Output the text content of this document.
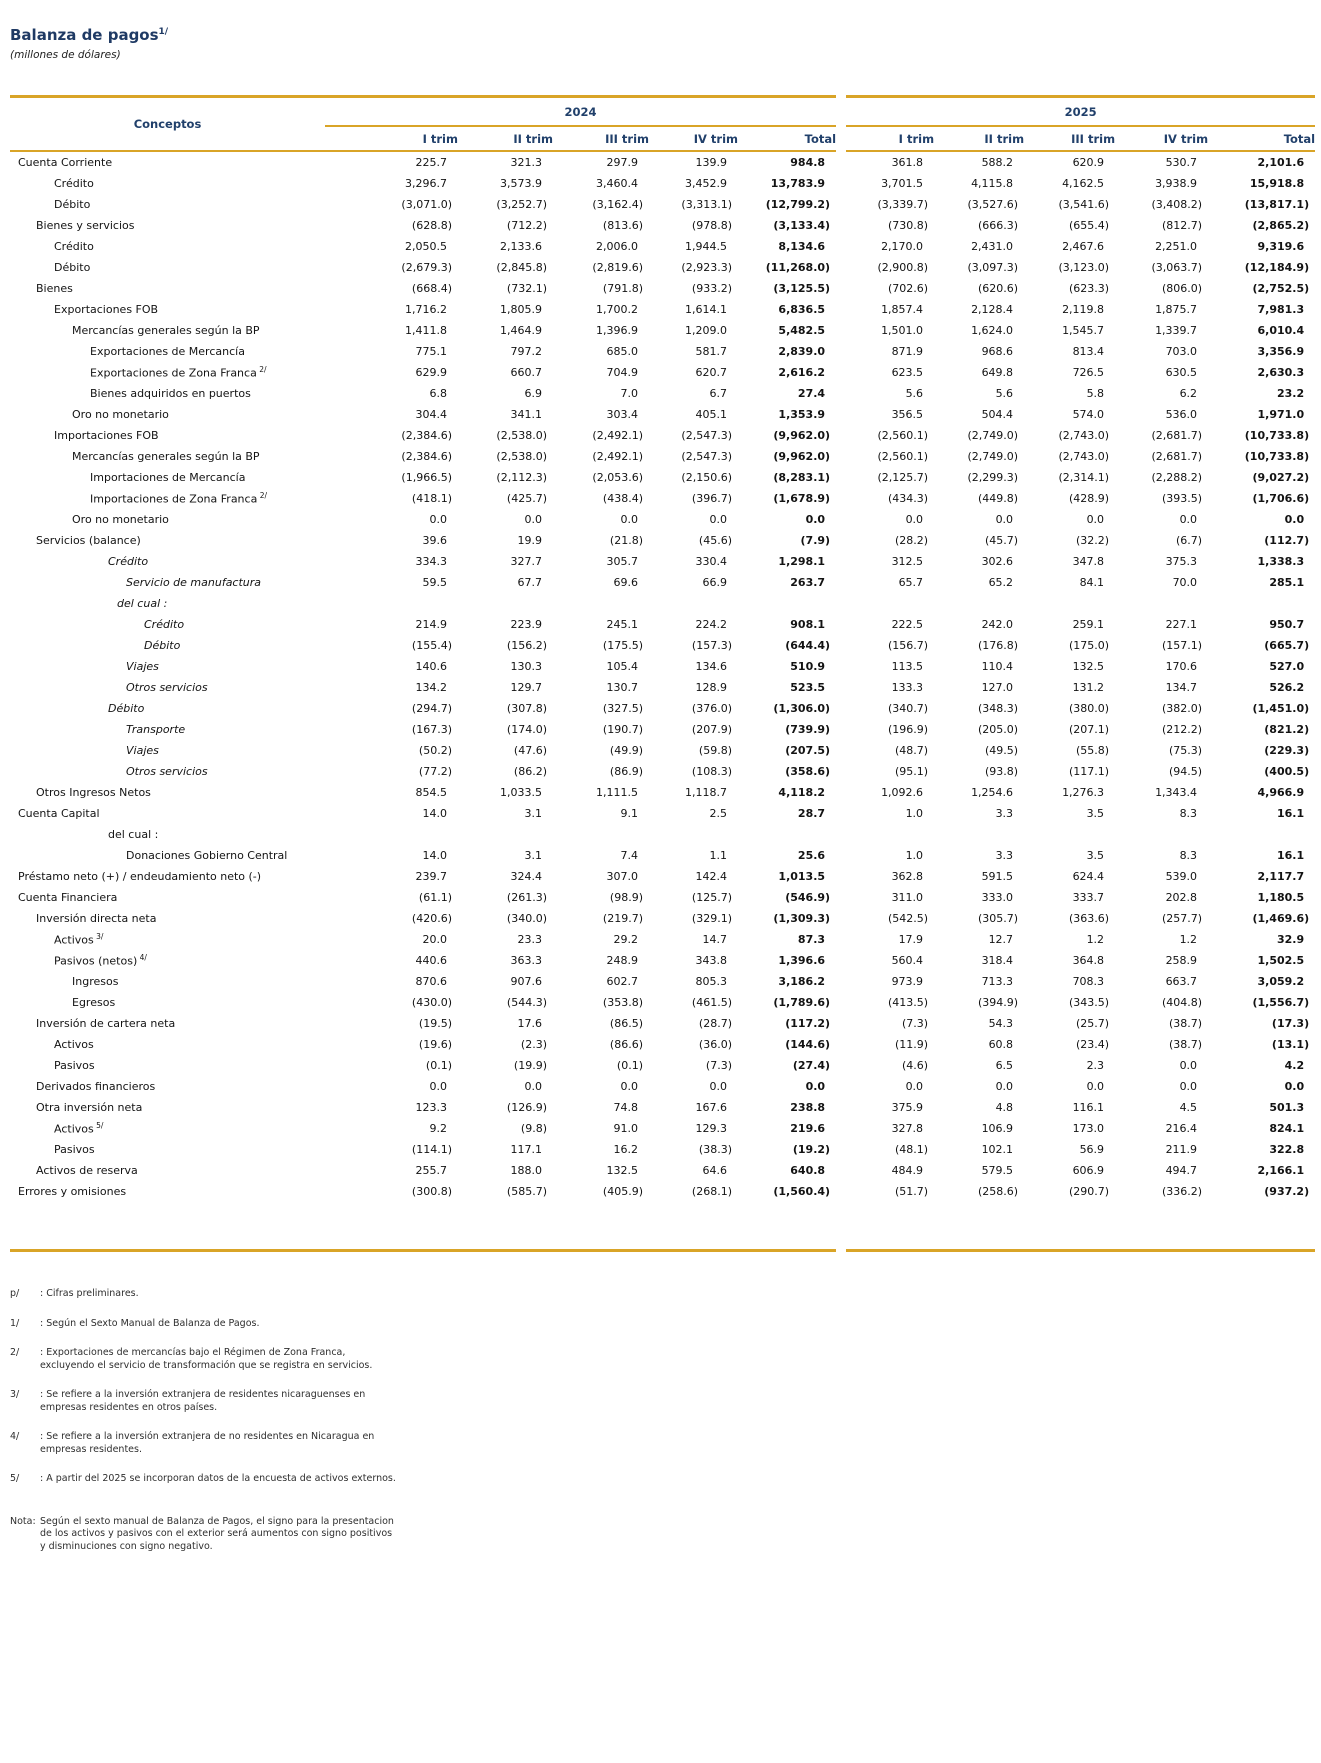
Balanza de pagos$^{1/}$

(millones de dólares)

Conceptos	2024						2025				
	I trim	II trim	III trim	IV trim	Total		I trim	II trim	III trim	IV trim	Total
Cuenta Corriente	225.7	321.3	297.9	139.9	984.8		361.8	588.2	620.9	530.7	2,101.6
Crédito	3,296.7	3,573.9	3,460.4	3,452.9	13,783.9		3,701.5	4,115.8	4,162.5	3,938.9	15,918.8
Débito	(3,071.0)	(3,252.7)	(3,162.4)	(3,313.1)	(12,799.2)		(3,339.7)	(3,527.6)	(3,541.6)	(3,408.2)	(13,817.1)
Bienes y servicios	(628.8)	(712.2)	(813.6)	(978.8)	(3,133.4)		(730.8)	(666.3)	(655.4)	(812.7)	(2,865.2)
Crédito	2,050.5	2,133.6	2,006.0	1,944.5	8,134.6		2,170.0	2,431.0	2,467.6	2,251.0	9,319.6
Débito	(2,679.3)	(2,845.8)	(2,819.6)	(2,923.3)	(11,268.0)		(2,900.8)	(3,097.3)	(3,123.0)	(3,063.7)	(12,184.9)
Bienes	(668.4)	(732.1)	(791.8)	(933.2)	(3,125.5)		(702.6)	(620.6)	(623.3)	(806.0)	(2,752.5)
Exportaciones FOB	1,716.2	1,805.9	1,700.2	1,614.1	6,836.5		1,857.4	2,128.4	2,119.8	1,875.7	7,981.3
Mercancías generales según la BP	1,411.8	1,464.9	1,396.9	1,209.0	5,482.5		1,501.0	1,624.0	1,545.7	1,339.7	6,010.4
Exportaciones de Mercancía	775.1	797.2	685.0	581.7	2,839.0		871.9	968.6	813.4	703.0	3,356.9
Exportaciones de Zona Franca $^{2/}$	629.9	660.7	704.9	620.7	2,616.2		623.5	649.8	726.5	630.5	2,630.3
Bienes adquiridos en puertos	6.8	6.9	7.0	6.7	27.4		5.6	5.6	5.8	6.2	23.2
Oro no monetario	304.4	341.1	303.4	405.1	1,353.9		356.5	504.4	574.0	536.0	1,971.0
Importaciones FOB	(2,384.6)	(2,538.0)	(2,492.1)	(2,547.3)	(9,962.0)		(2,560.1)	(2,749.0)	(2,743.0)	(2,681.7)	(10,733.8)
Mercancías generales según la BP	(2,384.6)	(2,538.0)	(2,492.1)	(2,547.3)	(9,962.0)		(2,560.1)	(2,749.0)	(2,743.0)	(2,681.7)	(10,733.8)
Importaciones de Mercancía	(1,966.5)	(2,112.3)	(2,053.6)	(2,150.6)	(8,283.1)		(2,125.7)	(2,299.3)	(2,314.1)	(2,288.2)	(9,027.2)
Importaciones de Zona Franca $^{2/}$	(418.1)	(425.7)	(438.4)	(396.7)	(1,678.9)		(434.3)	(449.8)	(428.9)	(393.5)	(1,706.6)
Oro no monetario	0.0	0.0	0.0	0.0	0.0		0.0	0.0	0.0	0.0	0.0
Servicios (balance)	39.6	19.9	(21.8)	(45.6)	(7.9)		(28.2)	(45.7)	(32.2)	(6.7)	(112.7)
Crédito	334.3	327.7	305.7	330.4	1,298.1		312.5	302.6	347.8	375.3	1,338.3
Servicio de manufactura	59.5	67.7	69.6	66.9	263.7		65.7	65.2	84.1	70.0	285.1
del cual :											
Crédito	214.9	223.9	245.1	224.2	908.1		222.5	242.0	259.1	227.1	950.7
Débito	(155.4)	(156.2)	(175.5)	(157.3)	(644.4)		(156.7)	(176.8)	(175.0)	(157.1)	(665.7)
Viajes	140.6	130.3	105.4	134.6	510.9		113.5	110.4	132.5	170.6	527.0
Otros servicios	134.2	129.7	130.7	128.9	523.5		133.3	127.0	131.2	134.7	526.2
Débito	(294.7)	(307.8)	(327.5)	(376.0)	(1,306.0)		(340.7)	(348.3)	(380.0)	(382.0)	(1,451.0)
Transporte	(167.3)	(174.0)	(190.7)	(207.9)	(739.9)		(196.9)	(205.0)	(207.1)	(212.2)	(821.2)
Viajes	(50.2)	(47.6)	(49.9)	(59.8)	(207.5)		(48.7)	(49.5)	(55.8)	(75.3)	(229.3)
Otros servicios	(77.2)	(86.2)	(86.9)	(108.3)	(358.6)		(95.1)	(93.8)	(117.1)	(94.5)	(400.5)
Otros Ingresos Netos	854.5	1,033.5	1,111.5	1,118.7	4,118.2		1,092.6	1,254.6	1,276.3	1,343.4	4,966.9
Cuenta Capital	14.0	3.1	9.1	2.5	28.7		1.0	3.3	3.5	8.3	16.1
del cual :											
Donaciones Gobierno Central	14.0	3.1	7.4	1.1	25.6		1.0	3.3	3.5	8.3	16.1
Préstamo neto (+) / endeudamiento neto (-)	239.7	324.4	307.0	142.4	1,013.5		362.8	591.5	624.4	539.0	2,117.7
Cuenta Financiera	(61.1)	(261.3)	(98.9)	(125.7)	(546.9)		311.0	333.0	333.7	202.8	1,180.5
Inversión directa neta	(420.6)	(340.0)	(219.7)	(329.1)	(1,309.3)		(542.5)	(305.7)	(363.6)	(257.7)	(1,469.6)
Activos $^{3/}$	20.0	23.3	29.2	14.7	87.3		17.9	12.7	1.2	1.2	32.9
Pasivos (netos) $^{4/}$	440.6	363.3	248.9	343.8	1,396.6		560.4	318.4	364.8	258.9	1,502.5
Ingresos	870.6	907.6	602.7	805.3	3,186.2		973.9	713.3	708.3	663.7	3,059.2
Egresos	(430.0)	(544.3)	(353.8)	(461.5)	(1,789.6)		(413.5)	(394.9)	(343.5)	(404.8)	(1,556.7)
Inversión de cartera neta	(19.5)	17.6	(86.5)	(28.7)	(117.2)		(7.3)	54.3	(25.7)	(38.7)	(17.3)
Activos	(19.6)	(2.3)	(86.6)	(36.0)	(144.6)		(11.9)	60.8	(23.4)	(38.7)	(13.1)
Pasivos	(0.1)	(19.9)	(0.1)	(7.3)	(27.4)		(4.6)	6.5	2.3	0.0	4.2
Derivados financieros	0.0	0.0	0.0	0.0	0.0		0.0	0.0	0.0	0.0	0.0
Otra inversión neta	123.3	(126.9)	74.8	167.6	238.8		375.9	4.8	116.1	4.5	501.3
Activos $^{5/}$	9.2	(9.8)	91.0	129.3	219.6		327.8	106.9	173.0	216.4	824.1
Pasivos	(114.1)	117.1	16.2	(38.3)	(19.2)		(48.1)	102.1	56.9	211.9	322.8
Activos de reserva	255.7	188.0	132.5	64.6	640.8		484.9	579.5	606.9	494.7	2,166.1
Errores y omisiones	(300.8)	(585.7)	(405.9)	(268.1)	(1,560.4)		(51.7)	(258.6)	(290.7)	(336.2)	(937.2)

p/	: Cifras preliminares.
1/	: Según el Sexto Manual de Balanza de Pagos.
2/	: Exportaciones de mercancías bajo el Régimen de Zona Franca, excluyendo el servicio de transformación que se registra en servicios.
3/	: Se refiere a la inversión extranjera de residentes nicaraguenses en empresas residentes en otros países.
4/	: Se refiere a la inversión extranjera de no residentes en Nicaragua en empresas residentes.
5/	: A partir del 2025 se incorporan datos de la encuesta de activos externos.
Nota: Según el sexto manual de Balanza de Pagos, el signo para la presentacion de los activos y pasivos con el exterior será aumentos con signo positivos y disminuciones con signo negativo.
